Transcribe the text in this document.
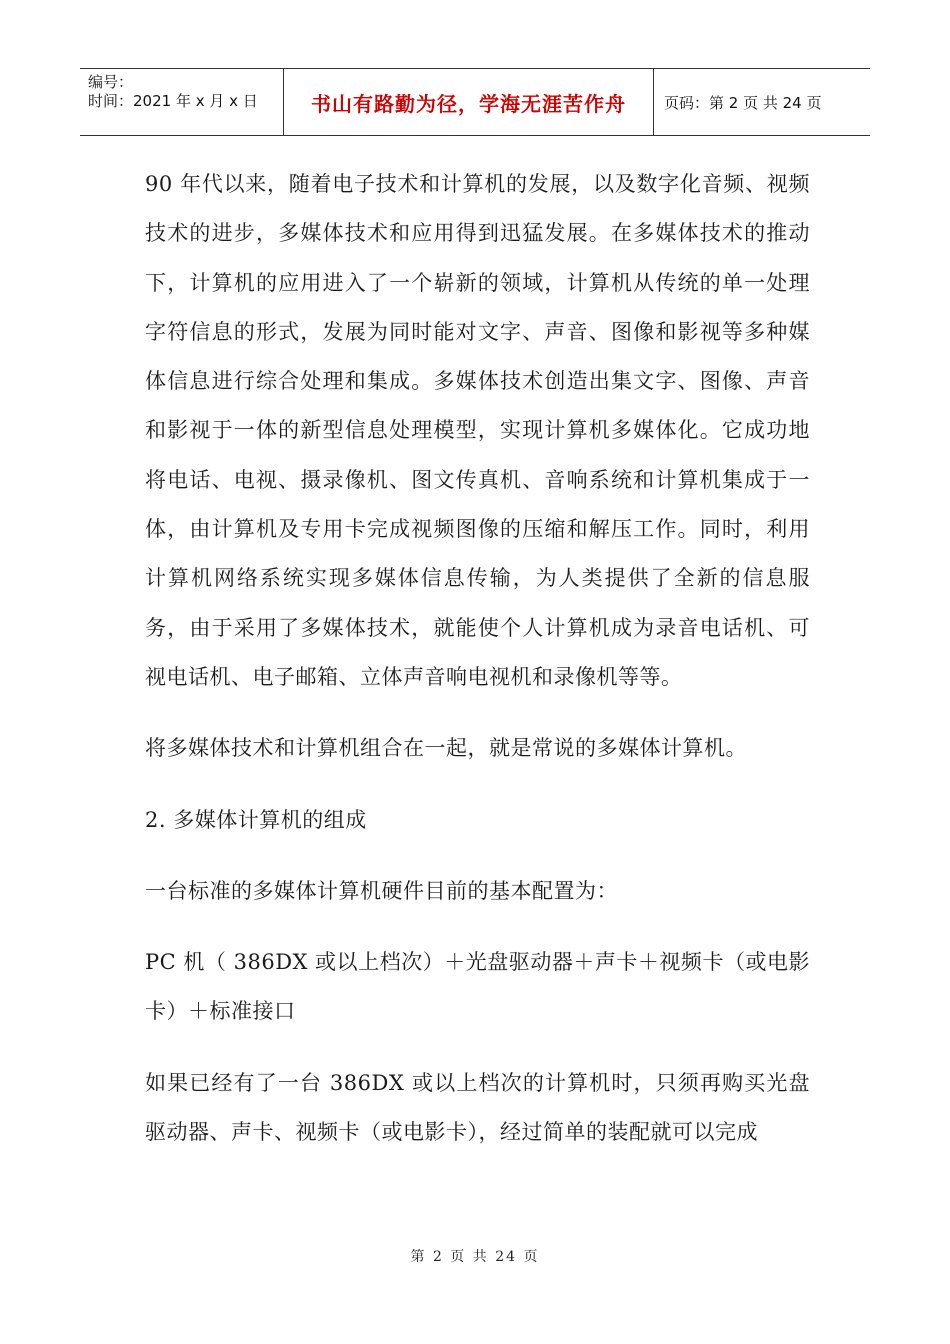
编号：
时间：2021 年 x 月 x 日	书山有路勤为径，学海无涯苦作舟	页码：第 2 页 共 24 页

90 年代以来，随着电子技术和计算机的发展，以及数字化音频、视频技术的进步，多媒体技术和应用得到迅猛发展。在多媒体技术的推动下，计算机的应用进入了一个崭新的领域，计算机从传统的单一处理字符信息的形式，发展为同时能对文字、声音、图像和影视等多种媒体信息进行综合处理和集成。多媒体技术创造出集文字、图像、声音和影视于一体的新型信息处理模型，实现计算机多媒体化。它成功地将电话、电视、摄录像机、图文传真机、音响系统和计算机集成于一体，由计算机及专用卡完成视频图像的压缩和解压工作。同时，利用计算机网络系统实现多媒体信息传输，为人类提供了全新的信息服务，由于采用了多媒体技术，就能使个人计算机成为录音电话机、可视电话机、电子邮箱、立体声音响电视机和录像机等等。

将多媒体技术和计算机组合在一起，就是常说的多媒体计算机。

2. 多媒体计算机的组成

一台标准的多媒体计算机硬件目前的基本配置为：

PC 机（ 386DX 或以上档次）＋光盘驱动器＋声卡＋视频卡（或电影卡）＋标准接口

如果已经有了一台 386DX 或以上档次的计算机时，只须再购买光盘驱动器、声卡、视频卡（或电影卡），经过简单的装配就可以完成

第 2 页 共 24 页
